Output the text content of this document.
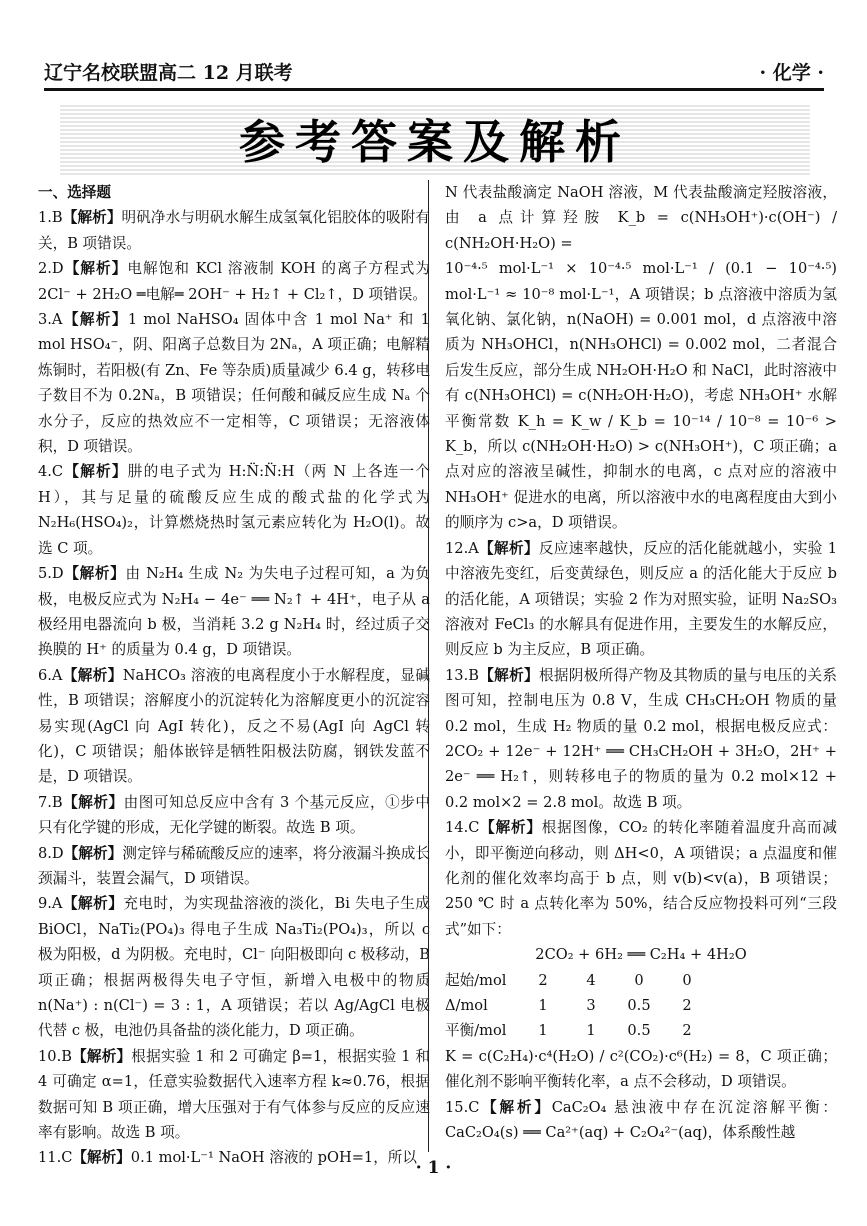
辽宁名校联盟高二 12 月联考	· 化学 ·
参考答案及解析
一、选择题
1.B【解析】明矾净水与明矾水解生成氢氧化铝胶体的吸附有关，B 项错误。
2.D【解析】电解饱和 KCl 溶液制 KOH 的离子方程式为 2Cl⁻ + 2H₂O ═电解═ 2OH⁻ + H₂↑ + Cl₂↑，D 项错误。
3.A【解析】1 mol NaHSO₄ 固体中含 1 mol Na⁺ 和 1 mol HSO₄⁻，阴、阳离子总数目为 2Nₐ，A 项正确；电解精炼铜时，若阳极(有 Zn、Fe 等杂质)质量减少 6.4 g，转移电子数目不为 0.2Nₐ，B 项错误；任何酸和碱反应生成 Nₐ 个水分子，反应的热效应不一定相等，C 项错误；无溶液体积，D 项错误。
4.C【解析】肼的电子式为 H:N̈:N̈:H（两 N 上各连一个 H），其与足量的硫酸反应生成的酸式盐的化学式为 N₂H₆(HSO₄)₂，计算燃烧热时氢元素应转化为 H₂O(l)。故选 C 项。
5.D【解析】由 N₂H₄ 生成 N₂ 为失电子过程可知，a 为负极，电极反应式为 N₂H₄ − 4e⁻ ══ N₂↑ + 4H⁺，电子从 a 极经用电器流向 b 极，当消耗 3.2 g N₂H₄ 时，经过质子交换膜的 H⁺ 的质量为 0.4 g，D 项错误。
6.A【解析】NaHCO₃ 溶液的电离程度小于水解程度，显碱性，B 项错误；溶解度小的沉淀转化为溶解度更小的沉淀容易实现(AgCl 向 AgI 转化)，反之不易(AgI 向 AgCl 转化)，C 项错误；船体嵌锌是牺牲阳极法防腐，钢铁发蓝不是，D 项错误。
7.B【解析】由图可知总反应中含有 3 个基元反应，①步中只有化学键的形成，无化学键的断裂。故选 B 项。
8.D【解析】测定锌与稀硫酸反应的速率，将分液漏斗换成长颈漏斗，装置会漏气，D 项错误。
9.A【解析】充电时，为实现盐溶液的淡化，Bi 失电子生成 BiOCl，NaTi₂(PO₄)₃ 得电子生成 Na₃Ti₂(PO₄)₃，所以 c 极为阳极，d 为阴极。充电时，Cl⁻ 向阳极即向 c 极移动，B 项正确；根据两极得失电子守恒，新增入电极中的物质 n(Na⁺) : n(Cl⁻) = 3 : 1，A 项错误；若以 Ag/AgCl 电极代替 c 极，电池仍具备盐的淡化能力，D 项正确。
10.B【解析】根据实验 1 和 2 可确定 β=1，根据实验 1 和 4 可确定 α=1，任意实验数据代入速率方程 k≈0.76，根据数据可知 B 项正确，增大压强对于有气体参与反应的反应速率有影响。故选 B 项。
11.C【解析】0.1 mol·L⁻¹ NaOH 溶液的 pOH=1，所以
N 代表盐酸滴定 NaOH 溶液，M 代表盐酸滴定羟胺溶液，由 a 点计算羟胺 K_b = c(NH₃OH⁺)·c(OH⁻) / c(NH₂OH·H₂O) =
10⁻⁴·⁵ mol·L⁻¹ × 10⁻⁴·⁵ mol·L⁻¹ / (0.1 − 10⁻⁴·⁵) mol·L⁻¹ ≈ 10⁻⁸ mol·L⁻¹，A 项错误；b 点溶液中溶质为氢氧化钠、氯化钠，n(NaOH) = 0.001 mol，d 点溶液中溶质为 NH₃OHCl，n(NH₃OHCl) = 0.002 mol，二者混合后发生反应，部分生成 NH₂OH·H₂O 和 NaCl，此时溶液中有 c(NH₃OHCl) = c(NH₂OH·H₂O)，考虑 NH₃OH⁺ 水解平衡常数 K_h = K_w / K_b = 10⁻¹⁴ / 10⁻⁸ = 10⁻⁶ > K_b，所以 c(NH₂OH·H₂O) > c(NH₃OH⁺)，C 项正确；a 点对应的溶液呈碱性，抑制水的电离，c 点对应的溶液中 NH₃OH⁺ 促进水的电离，所以溶液中水的电离程度由大到小的顺序为 c>a，D 项错误。
12.A【解析】反应速率越快，反应的活化能就越小，实验 1 中溶液先变红，后变黄绿色，则反应 a 的活化能大于反应 b 的活化能，A 项错误；实验 2 作为对照实验，证明 Na₂SO₃ 溶液对 FeCl₃ 的水解具有促进作用，主要发生的水解反应，则反应 b 为主反应，B 项正确。
13.B【解析】根据阴极所得产物及其物质的量与电压的关系图可知，控制电压为 0.8 V，生成 CH₃CH₂OH 物质的量 0.2 mol，生成 H₂ 物质的量 0.2 mol，根据电极反应式：2CO₂ + 12e⁻ + 12H⁺ ══ CH₃CH₂OH + 3H₂O，2H⁺ + 2e⁻ ══ H₂↑，则转移电子的物质的量为 0.2 mol×12 + 0.2 mol×2 = 2.8 mol。故选 B 项。
14.C【解析】根据图像，CO₂ 的转化率随着温度升高而减小，即平衡逆向移动，则 ΔH<0，A 项错误；a 点温度和催化剂的催化效率均高于 b 点，则 v(b)<v(a)，B 项错误；250 ℃ 时 a 点转化率为 50%，结合反应物投料可列“三段式”如下：
2CO₂ + 6H₂ ══ C₂H₄ + 4H₂O
起始/mol	2	4	0	0
Δ/mol	1	3	0.5	2
平衡/mol	1	1	0.5	2
K = c(C₂H₄)·c⁴(H₂O) / c²(CO₂)·c⁶(H₂) = 8，C 项正确；催化剂不影响平衡转化率，a 点不会移动，D 项错误。
15.C【解析】CaC₂O₄ 悬浊液中存在沉淀溶解平衡：CaC₂O₄(s) ══ Ca²⁺(aq) + C₂O₄²⁻(aq)，体系酸性越
· 1 ·
